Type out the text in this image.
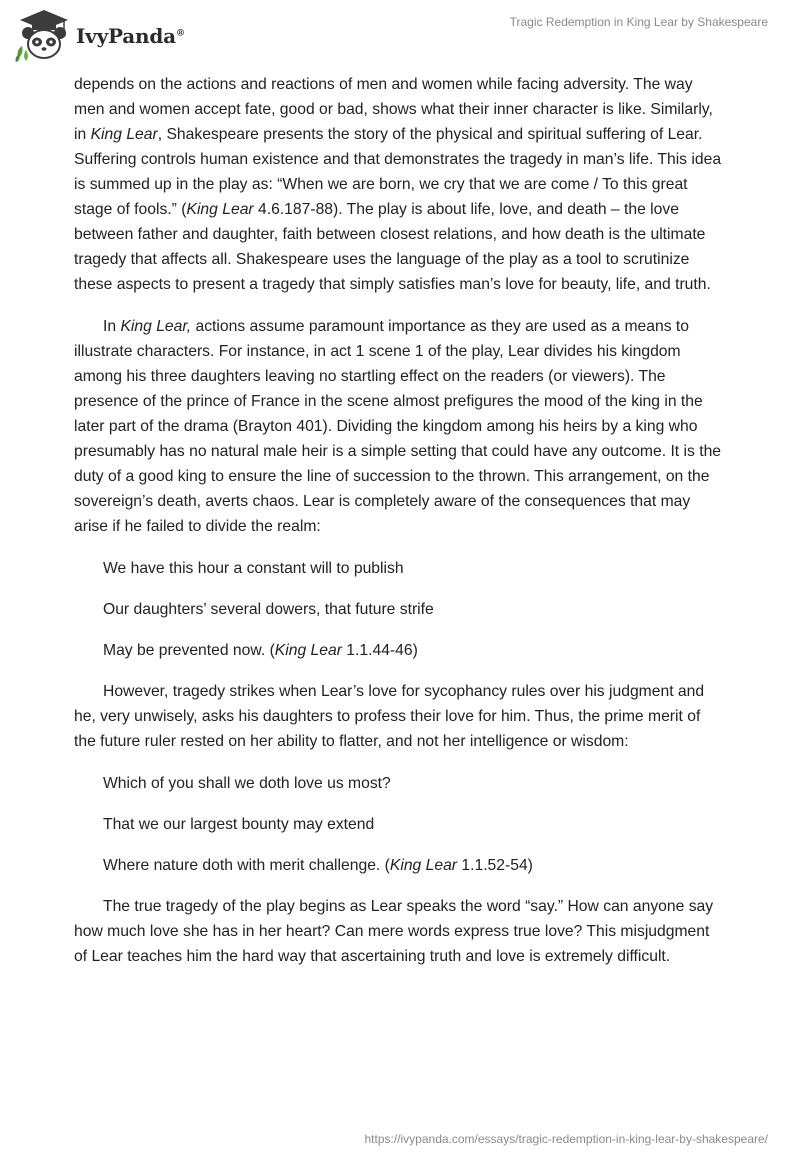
IvyPanda®
Tragic Redemption in King Lear by Shakespeare

depends on the actions and reactions of men and women while facing adversity. The way men and women accept fate, good or bad, shows what their inner character is like. Similarly, in King Lear, Shakespeare presents the story of the physical and spiritual suffering of Lear. Suffering controls human existence and that demonstrates the tragedy in man’s life. This idea is summed up in the play as: “When we are born, we cry that we are come / To this great stage of fools.” (King Lear 4.6.187-88). The play is about life, love, and death – the love between father and daughter, faith between closest relations, and how death is the ultimate tragedy that affects all. Shakespeare uses the language of the play as a tool to scrutinize these aspects to present a tragedy that simply satisfies man’s love for beauty, life, and truth.

In King Lear, actions assume paramount importance as they are used as a means to illustrate characters. For instance, in act 1 scene 1 of the play, Lear divides his kingdom among his three daughters leaving no startling effect on the readers (or viewers). The presence of the prince of France in the scene almost prefigures the mood of the king in the later part of the drama (Brayton 401). Dividing the kingdom among his heirs by a king who presumably has no natural male heir is a simple setting that could have any outcome. It is the duty of a good king to ensure the line of succession to the thrown. This arrangement, on the sovereign’s death, averts chaos. Lear is completely aware of the consequences that may arise if he failed to divide the realm:

We have this hour a constant will to publish

Our daughters’ several dowers, that future strife

May be prevented now. (King Lear 1.1.44-46)

However, tragedy strikes when Lear’s love for sycophancy rules over his judgment and he, very unwisely, asks his daughters to profess their love for him. Thus, the prime merit of the future ruler rested on her ability to flatter, and not her intelligence or wisdom:

Which of you shall we doth love us most?

That we our largest bounty may extend

Where nature doth with merit challenge. (King Lear 1.1.52-54)

The true tragedy of the play begins as Lear speaks the word “say.” How can anyone say how much love she has in her heart? Can mere words express true love? This misjudgment of Lear teaches him the hard way that ascertaining truth and love is extremely difficult.

https://ivypanda.com/essays/tragic-redemption-in-king-lear-by-shakespeare/
